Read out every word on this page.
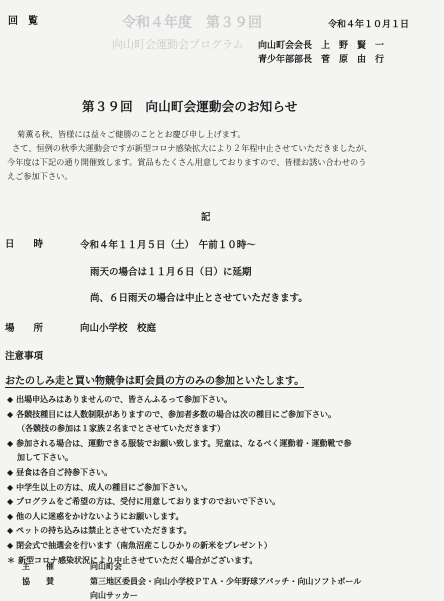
令和４年度　第３９回
向山町会運動会プログラム
回　覧	令和４年１０月１日
向山町会会長　上　野　賢　一
青少年部部長　菅　原　由　行
第３９回　向山町会運動会のお知らせ
菊薫る秋、皆様には益々ご健勝のこととお慶び申し上げます。
さて、恒例の秋季大運動会ですが新型コロナ感染拡大により２年程中止させていただきましたが、
今年度は下記の通り開催致します。賞品もたくさん用意しておりますので、皆様お誘い合わせのう
えご参加下さい。
記
日　　時	令和４年１１月５日（土）　午前１０時～
雨天の場合は１１月６日（日）に延期
尚、６日雨天の場合は中止とさせていただきます。
場　　所	向山小学校　校庭
注意事項
おたのしみ走と買い物競争は町会員の方のみの参加といたします。
◆ 出場申込みはありませんので、皆さんふるって参加下さい。
◆ 各競技種目には人数制限がありますので、参加者多数の場合は次の種目にご参加下さい。
（各競技の参加は１家族２名までとさせていただきます）
◆ 参加される場合は、運動できる服装でお願い致します。児童は、なるべく運動着・運動靴で参
加して下さい。
◆ 昼食は各自ご持参下さい。
◆ 中学生以上の方は、成人の種目にご参加下さい。
◆ プログラムをご希望の方は、受付に用意しておりますのでおいで下さい。
◆ 他の人に迷惑をかけないようにお願いします。
◆ ペットの持ち込みは禁止とさせていただきます。
◆ 閉会式で抽選会を行います（南魚沼産こしひかりの新米をプレゼント）
＊ 新型コロナ感染状況により中止させていただく場合がございます。
主　　催	向山町会
協　　賛	第三地区委員会・向山小学校ＰＴＡ・少年野球アパッチ・向山ソフトボール
向山サッカー
